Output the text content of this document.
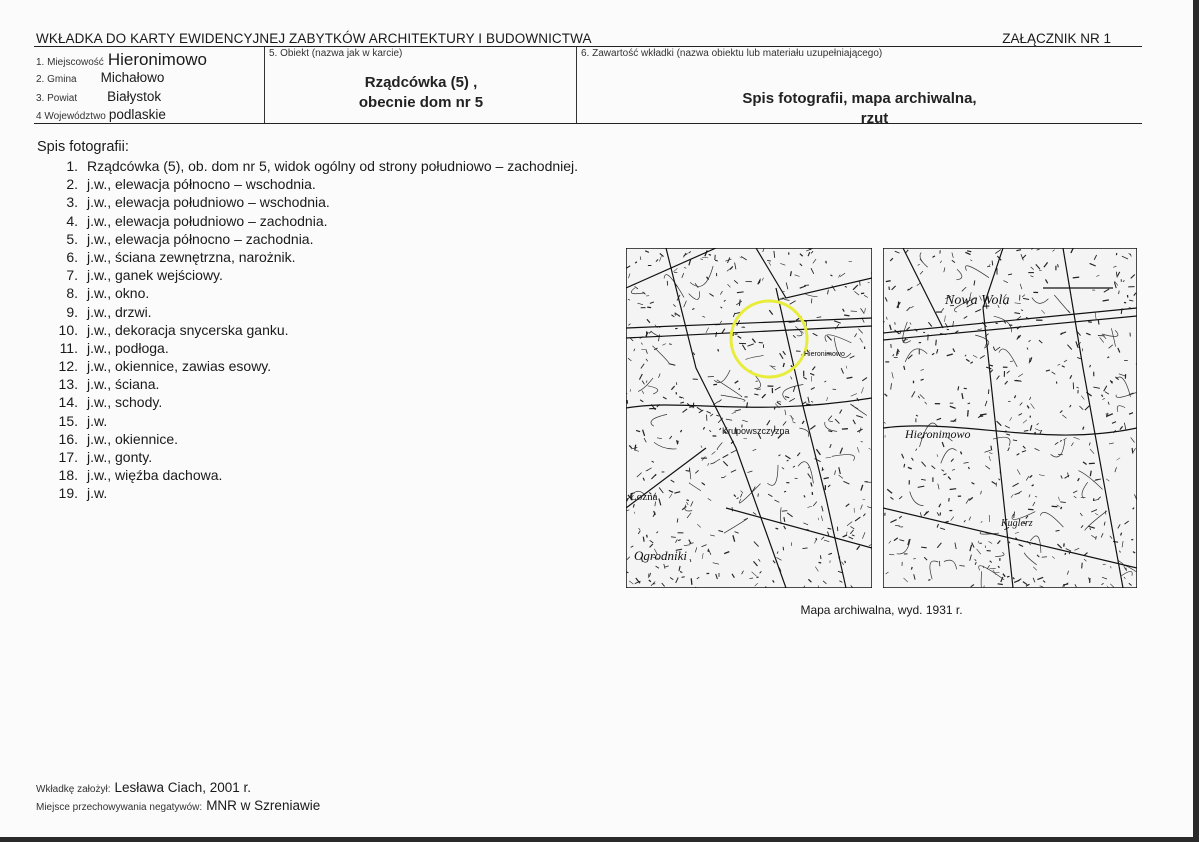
WKŁADKA DO KARTY EWIDENCYJNEJ ZABYTKÓW ARCHITEKTURY I BUDOWNICTWA	ZAŁĄCZNIK NR 1
1. Miejscowość Hieronimowo
2. Gmina Michałowo
3. Powiat Białystok
4 Województwo podlaskie
5. Obiekt (nazwa jak w karcie)
Rządcówka (5) ,
obecnie dom nr 5
6. Zawartość wkładki (nazwa obiektu lub materiału uzupełniającego)
Spis fotografii, mapa archiwalna,
rzut
Spis fotografii:
1. Rządcówka (5), ob. dom nr 5, widok ogólny od strony południowo – zachodniej.
2. j.w., elewacja północno – wschodnia.
3. j.w., elewacja południowo – wschodnia.
4. j.w., elewacja południowo – zachodnia.
5. j.w., elewacja północno – zachodnia.
6. j.w., ściana zewnętrzna, narożnik.
7. j.w., ganek wejściowy.
8. j.w., okno.
9. j.w., drzwi.
10. j.w., dekoracja snycerska ganku.
11. j.w., podłoga.
12. j.w., okiennice, zawias esowy.
13. j.w., ściana.
14. j.w., schody.
15. j.w.
16. j.w., okiennice.
17. j.w., gonty.
18. j.w., więźba dachowa.
19. j.w.
Krupowszczyzna
Ogrodniki
Hieronimowo
Łozna
Nowa Wola
Hieronimowo
Kuglerz
Mapa archiwalna, wyd. 1931 r.
Wkładkę założył: Lesława Ciach, 2001 r.
Miejsce przechowywania negatywów: MNR w Szreniawie
